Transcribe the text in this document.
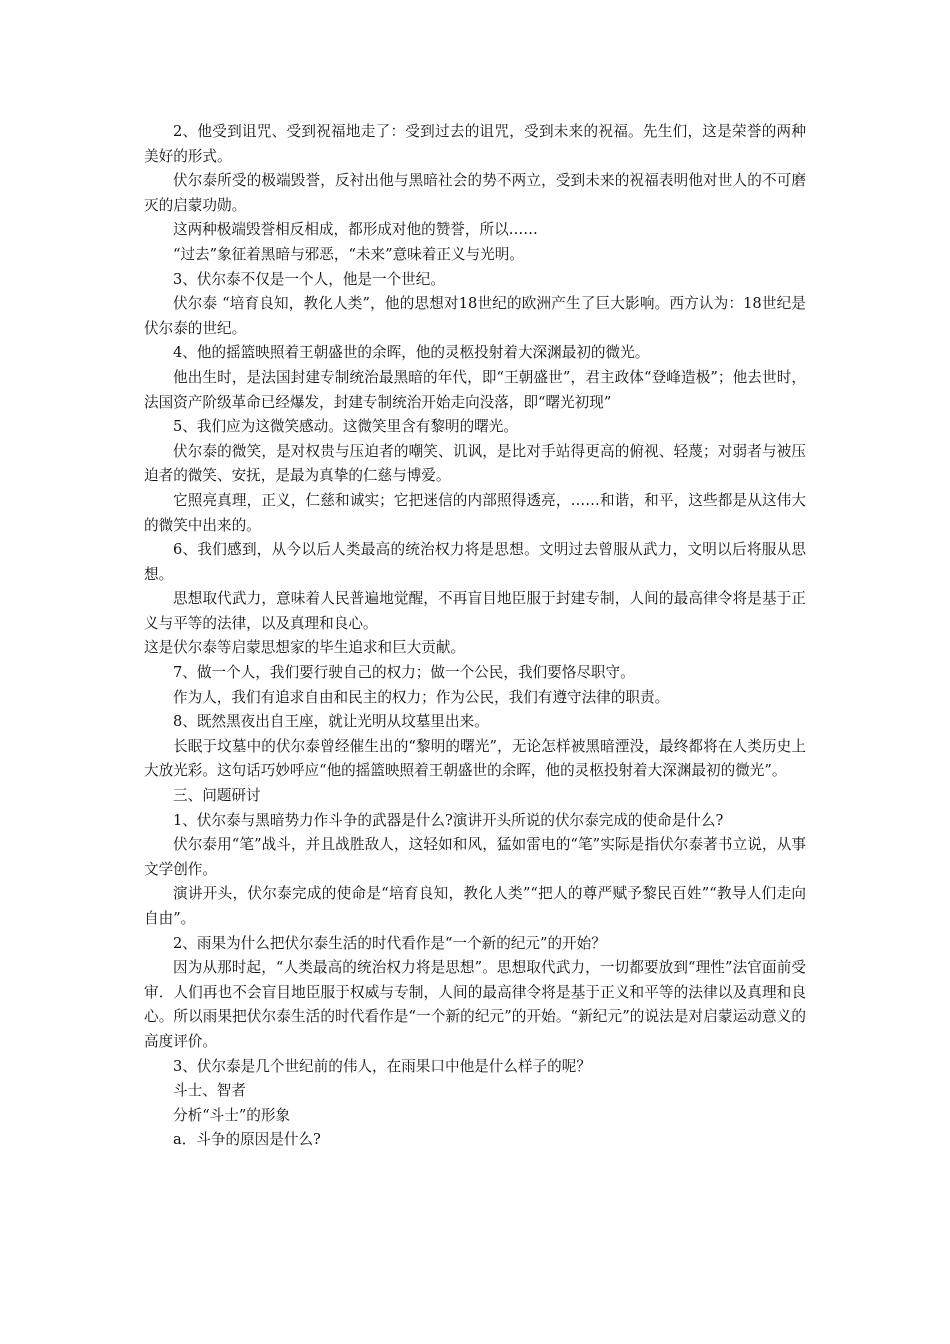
2、他受到诅咒、受到祝福地走了：受到过去的诅咒，受到未来的祝福。先生们，这是荣誉的两种美好的形式。

伏尔泰所受的极端毁誉，反衬出他与黑暗社会的势不两立，受到未来的祝福表明他对世人的不可磨灭的启蒙功勋。

这两种极端毁誉相反相成，都形成对他的赞誉，所以……

“过去”象征着黑暗与邪恶，“未来”意味着正义与光明。

3、伏尔泰不仅是一个人，他是一个世纪。

伏尔泰 “培育良知，教化人类”，他的思想对18世纪的欧洲产生了巨大影响。西方认为：18世纪是伏尔泰的世纪。

4、他的摇篮映照着王朝盛世的余晖，他的灵柩投射着大深渊最初的微光。

他出生时，是法国封建专制统治最黑暗的年代，即“王朝盛世”，君主政体“登峰造极”；他去世时，法国资产阶级革命已经爆发，封建专制统治开始走向没落，即“曙光初现”

5、我们应为这微笑感动。这微笑里含有黎明的曙光。

伏尔泰的微笑，是对权贵与压迫者的嘲笑、讥讽，是比对手站得更高的俯视、轻蔑；对弱者与被压迫者的微笑、安抚，是最为真挚的仁慈与博爱。

它照亮真理，正义，仁慈和诚实；它把迷信的内部照得透亮，……和谐，和平，这些都是从这伟大的微笑中出来的。

6、我们感到，从今以后人类最高的统治权力将是思想。文明过去曾服从武力，文明以后将服从思想。

思想取代武力，意味着人民普遍地觉醒，不再盲目地臣服于封建专制，人间的最高律令将是基于正义与平等的法律，以及真理和良心。

这是伏尔泰等启蒙思想家的毕生追求和巨大贡献。

7、做一个人，我们要行驶自己的权力；做一个公民，我们要恪尽职守。

作为人，我们有追求自由和民主的权力；作为公民，我们有遵守法律的职责。

8、既然黑夜出自王座，就让光明从坟墓里出来。

长眠于坟墓中的伏尔泰曾经催生出的“黎明的曙光”，无论怎样被黑暗湮没，最终都将在人类历史上大放光彩。这句话巧妙呼应“他的摇篮映照着王朝盛世的余晖，他的灵柩投射着大深渊最初的微光”。

三、问题研讨

1、伏尔泰与黑暗势力作斗争的武器是什么?演讲开头所说的伏尔泰完成的使命是什么?

伏尔泰用“笔”战斗，并且战胜敌人，这轻如和风，猛如雷电的“笔”实际是指伏尔泰著书立说，从事文学创作。

演讲开头，伏尔泰完成的使命是“培育良知，教化人类”“把人的尊严赋予黎民百姓”“教导人们走向自由”。

2、雨果为什么把伏尔泰生活的时代看作是“一个新的纪元”的开始？

因为从那时起，“人类最高的统治权力将是思想”。思想取代武力，一切都要放到“理性”法官面前受审．人们再也不会盲目地臣服于权威与专制，人间的最高律令将是基于正义和平等的法律以及真理和良心。所以雨果把伏尔泰生活的时代看作是“一个新的纪元”的开始。“新纪元”的说法是对启蒙运动意义的高度评价。

3、伏尔泰是几个世纪前的伟人，在雨果口中他是什么样子的呢？

斗士、智者

分析“斗士”的形象

a．斗争的原因是什么?
